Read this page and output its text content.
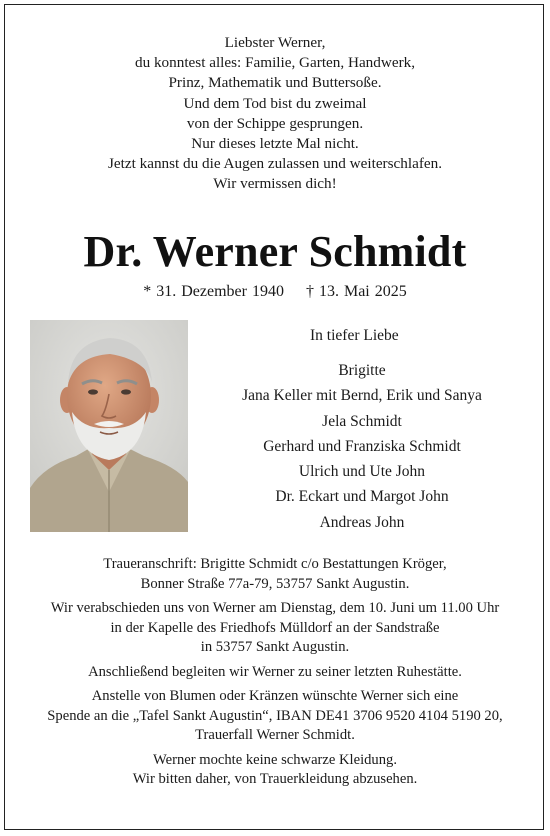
Liebster Werner,
du konntest alles: Familie, Garten, Handwerk,
Prinz, Mathematik und Buttersoße.
Und dem Tod bist du zweimal
von der Schippe gesprungen.
Nur dieses letzte Mal nicht.
Jetzt kannst du die Augen zulassen und weiterschlafen.
Wir vermissen dich!
Dr. Werner Schmidt
* 31. Dezember 1940 † 13. Mai 2025
In tiefer Liebe
Brigitte
Jana Keller mit Bernd, Erik und Sanya
Jela Schmidt
Gerhard und Franziska Schmidt
Ulrich und Ute John
Dr. Eckart und Margot John
Andreas John

Traueranschrift: Brigitte Schmidt c/o Bestattungen Kröger,
Bonner Straße 77a-79, 53757 Sankt Augustin.

Wir verabschieden uns von Werner am Dienstag, dem 10. Juni um 11.00 Uhr
in der Kapelle des Friedhofs Mülldorf an der Sandstraße
in 53757 Sankt Augustin.

Anschließend begleiten wir Werner zu seiner letzten Ruhestätte.

Anstelle von Blumen oder Kränzen wünschte Werner sich eine
Spende an die „Tafel Sankt Augustin“, IBAN DE41 3706 9520 4104 5190 20,
Trauerfall Werner Schmidt.

Werner mochte keine schwarze Kleidung.
Wir bitten daher, von Trauerkleidung abzusehen.
